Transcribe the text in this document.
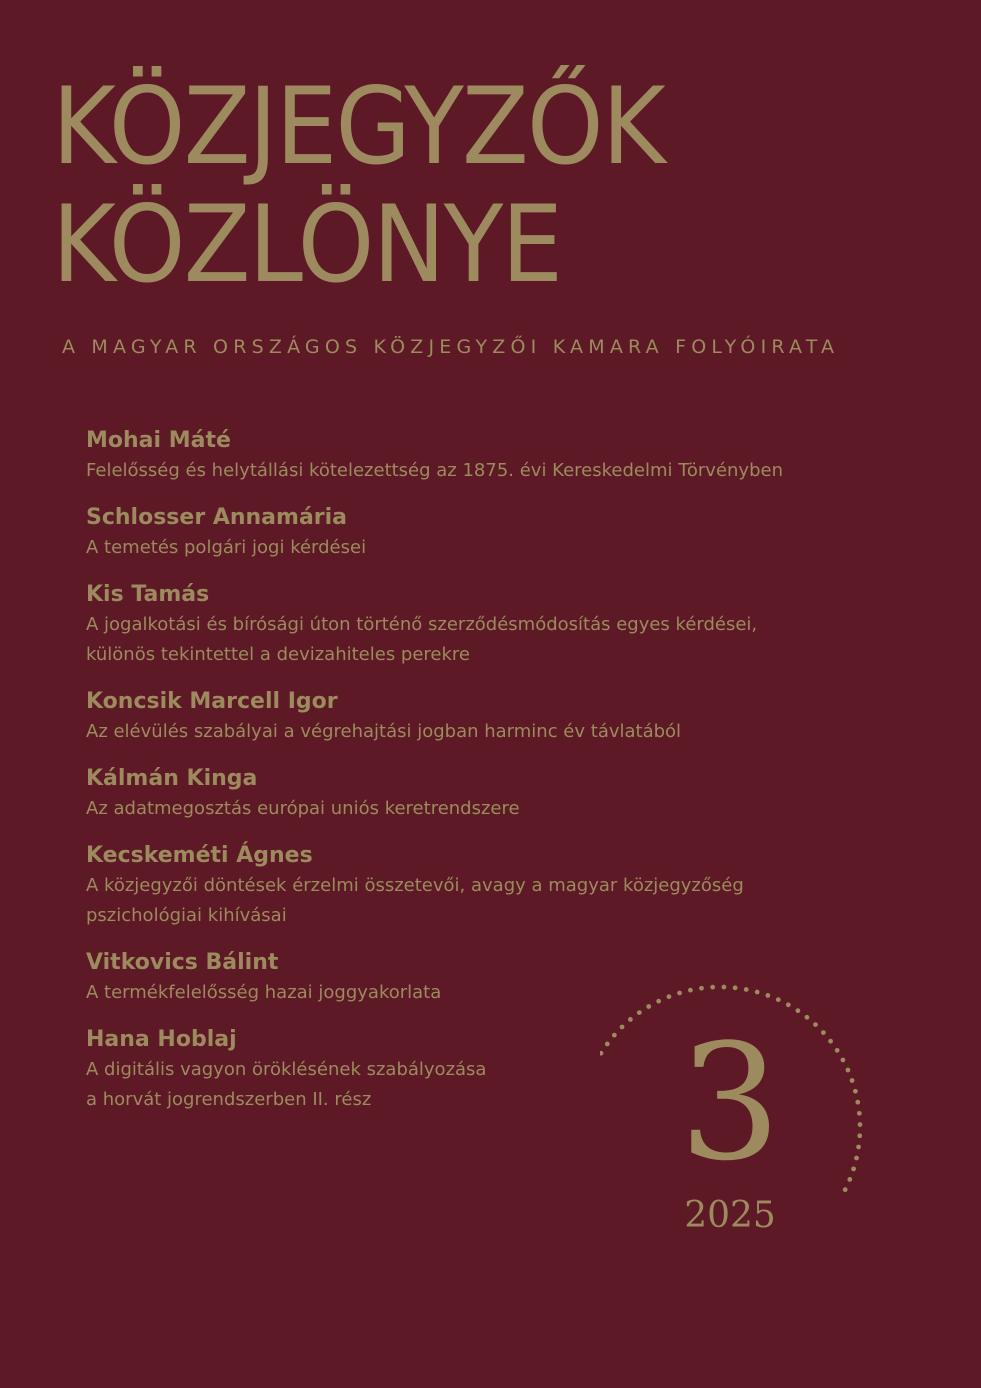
KÖZJEGYZŐK
KÖZLÖNYE
A MAGYAR ORSZÁGOS KÖZJEGYZŐI KAMARA FOLYÓIRATA
Mohai Máté
Felelősség és helytállási kötelezettség az 1875. évi Kereskedelmi Törvényben
Schlosser Annamária
A temetés polgári jogi kérdései
Kis Tamás
A jogalkotási és bírósági úton történő szerződésmódosítás egyes kérdései,
különös tekintettel a devizahiteles perekre
Koncsik Marcell Igor
Az elévülés szabályai a végrehajtási jogban harminc év távlatából
Kálmán Kinga
Az adatmegosztás európai uniós keretrendszere
Kecskeméti Ágnes
A közjegyzői döntések érzelmi összetevői, avagy a magyar közjegyzőség
pszichológiai kihívásai
Vitkovics Bálint
A termékfelelősség hazai joggyakorlata
Hana Hoblaj
A digitális vagyon öröklésének szabályozása
a horvát jogrendszerben II. rész	3
2025
